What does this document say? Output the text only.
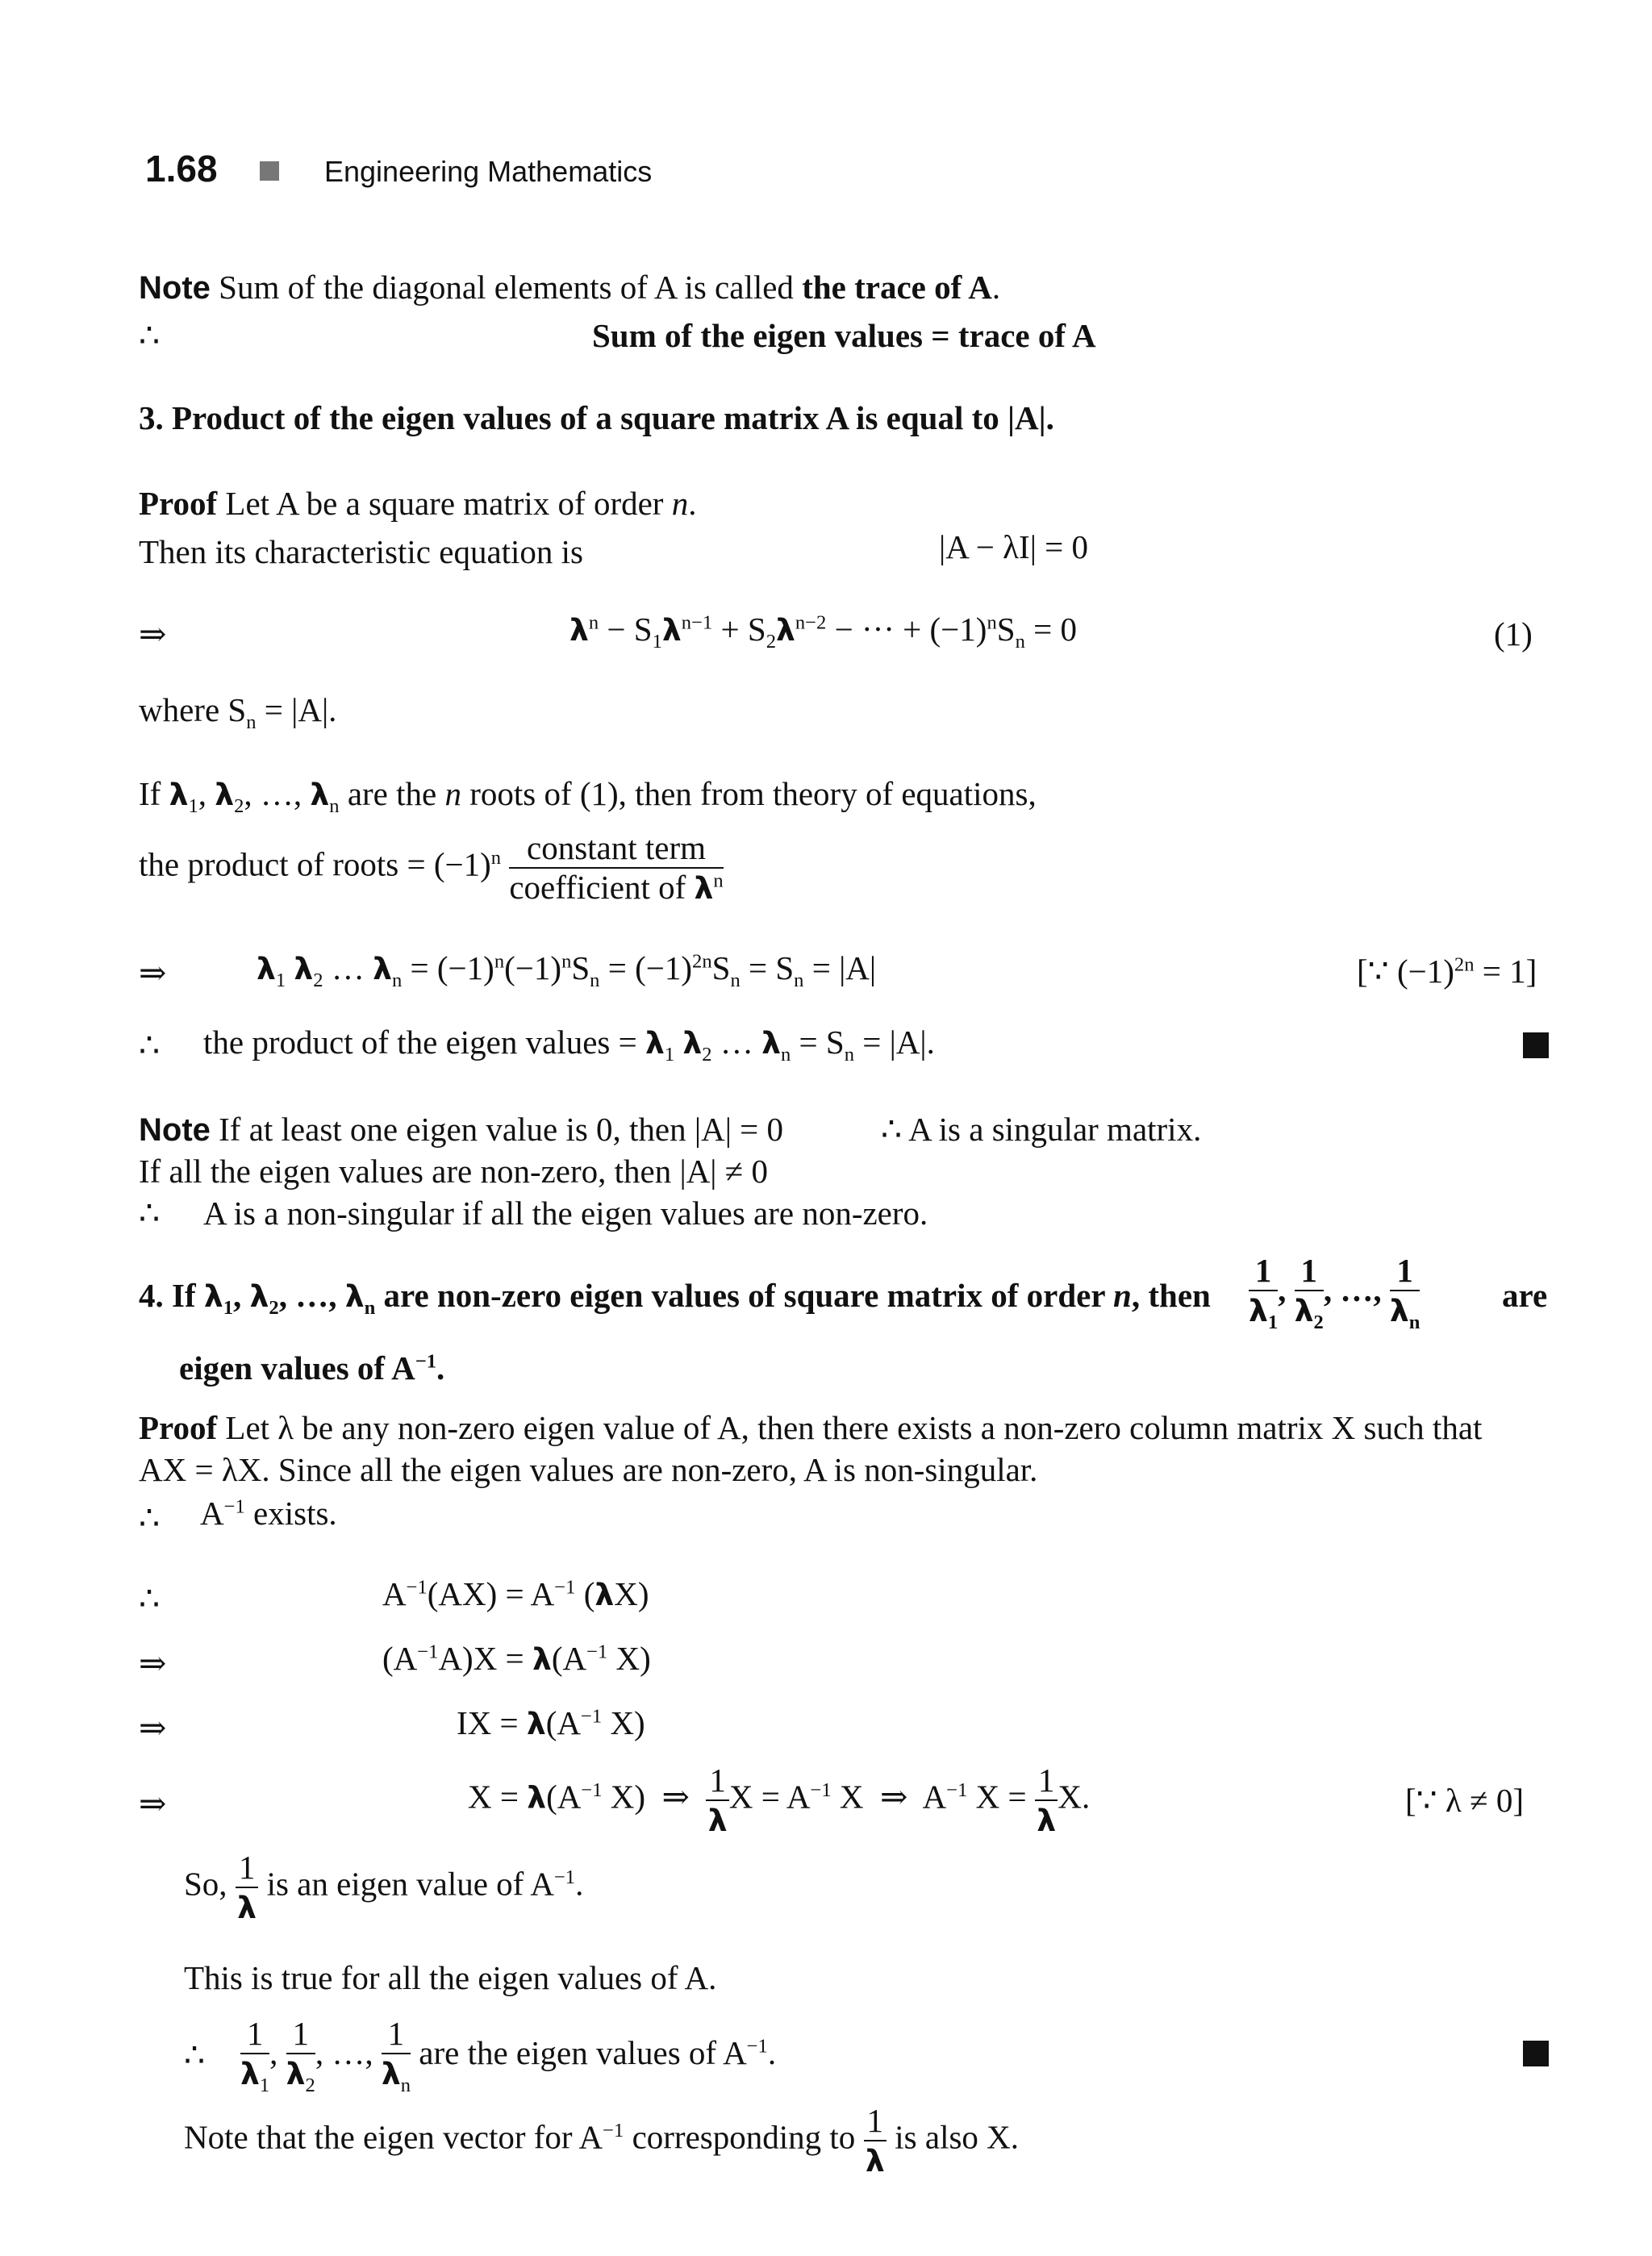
1.68	Engineering Mathematics
Note Sum of the diagonal elements of A is called the trace of A.
∴	Sum of the eigen values = trace of A
3. Product of the eigen values of a square matrix A is equal to |A|.
Proof Let A be a square matrix of order n.
Then its characteristic equation is	|A − λI| = 0
⇒	$\lambda^n - S_1\lambda^{n-1} + S_2\lambda^{n-2}$ − ··· + $(-1)^nS_n = 0$	(1)
where $S_n = |A|$.
If $\lambda_1$, $\lambda_2$, …, $\lambda_n$ are the n roots of (1), then from theory of equations,
the product of roots = $(-1)^n \frac{\text{constant term}}{coefficient of \lambda^n}$
⇒	$\lambda_1$ $\lambda_2$ … $\lambda_n = (-1)^n(-1)^nS_n = (-1)^{2n}S_n = S_n = |A|$	[∵ $(-1)^{2n} = 1$]
∴ the product of the eigen values = $\lambda_1$ $\lambda_2$ … $\lambda_n = S_n = |A|$.
Note If at least one eigen value is 0, then |A| = 0	∴ A is a singular matrix.
If all the eigen values are non-zero, then |A| ≠ 0
∴ A is a non-singular if all the eigen values are non-zero.
4. If $\lambda_1$, $\lambda_2$, …, $\lambda_n$ are non-zero eigen values of square matrix of order n, then $\frac{1}{\lambda_1}$ , $\frac{1}{\lambda_2}$ , …, $\frac{1}{\lambda_n}$ are
eigen values of $A^{-1}$.
Proof Let λ be any non-zero eigen value of A, then there exists a non-zero column matrix X such that
AX = λX. Since all the eigen values are non-zero, A is non-singular.
∴ $A^{-1}$ exists.
∴	$A^{-1}(AX) = A^{-1}$ (λX)
⇒	$(A^{-1}A)X = \lambda(A^{-1}$ X)
⇒	IX = $\lambda(A^{-1}$ X)
⇒	$X = \lambda(A^{-1}$ X)  ⇒ $\frac{1}{\lambda}$ $X = A^{-1}$ X  ⇒  $A^{-1}$ $X = \frac{1}{\lambda} X$.	[∵ λ ≠ 0]
So, $\frac{1}{\lambda}$ is an eigen value of $A^{-1}$.
This is true for all the eigen values of A.
∴ $\frac{1}{\lambda_1}$ , $\frac{1}{\lambda_2}$ , …, $\frac{1}{\lambda_n}$ are the eigen values of $A^{-1}$.
Note that the eigen vector for $A^{-1}$ corresponding to $\frac{1}{\lambda}$ is also X.
